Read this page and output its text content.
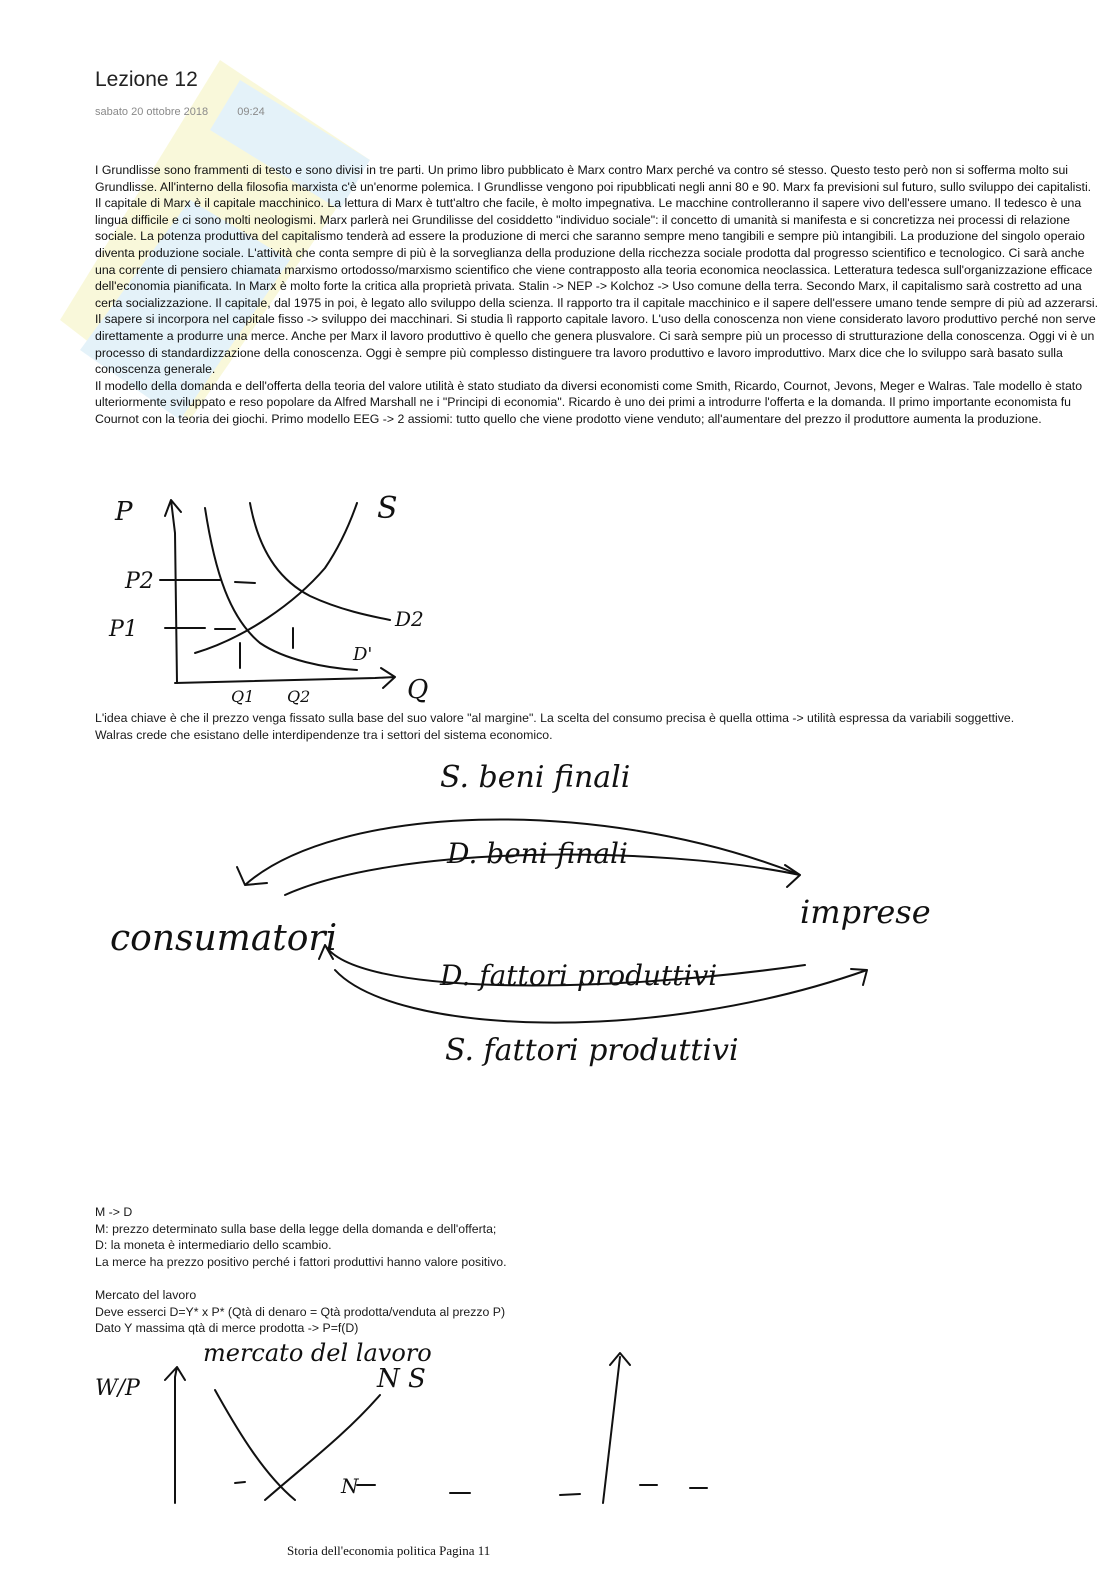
Lezione 12
sabato 20 ottobre 2018	09:24

I Grundlisse sono frammenti di testo e sono divisi in tre parti. Un primo libro pubblicato è Marx contro Marx perché va contro sé stesso. Questo testo però non si sofferma molto sui Grundlisse. All'interno della filosofia marxista c'è un'enorme polemica. I Grundlisse vengono poi ripubblicati negli anni 80 e 90. Marx fa previsioni sul futuro, sullo sviluppo dei capitalisti. Il capitale di Marx è il capitale macchinico. La lettura di Marx è tutt'altro che facile, è molto impegnativa. Le macchine controlleranno il sapere vivo dell'essere umano. Il tedesco è una lingua difficile e ci sono molti neologismi. Marx parlerà nei Grundilisse del cosiddetto "individuo sociale": il concetto di umanità si manifesta e si concretizza nei processi di relazione sociale. La potenza produttiva del capitalismo tenderà ad essere la produzione di merci che saranno sempre meno tangibili e sempre più intangibili. La produzione del singolo operaio diventa produzione sociale. L'attività che conta sempre di più è la sorveglianza della produzione della ricchezza sociale prodotta dal progresso scientifico e tecnologico. Ci sarà anche una corrente di pensiero chiamata marxismo ortodosso/marxismo scientifico che viene contrapposto alla teoria economica neoclassica. Letteratura tedesca sull'organizzazione efficace dell'economia pianificata. In Marx è molto forte la critica alla proprietà privata. Stalin -> NEP -> Kolchoz -> Uso comune della terra. Secondo Marx, il capitalismo sarà costretto ad una certa socializzazione. Il capitale, dal 1975 in poi, è legato allo sviluppo della scienza. Il rapporto tra il capitale macchinico e il sapere dell'essere umano tende sempre di più ad azzerarsi. Il sapere si incorpora nel capitale fisso -> sviluppo dei macchinari. Si studia lì rapporto capitale lavoro. L'uso della conoscenza non viene considerato lavoro produttivo perché non serve direttamente a produrre una merce. Anche per Marx il lavoro produttivo è quello che genera plusvalore. Ci sarà sempre più un processo di strutturazione della conoscenza. Oggi vi è un processo di standardizzazione della conoscenza. Oggi è sempre più complesso distinguere tra lavoro produttivo e lavoro improduttivo. Marx dice che lo sviluppo sarà basato sulla conoscenza generale.

Il modello della domanda e dell'offerta della teoria del valore utilità è stato studiato da diversi economisti come Smith, Ricardo, Cournot, Jevons, Meger e Walras. Tale modello è stato ulteriormente sviluppato e reso popolare da Alfred Marshall ne i "Principi di economia". Ricardo è uno dei primi a introdurre l'offerta e la domanda. Il primo importante economista fu Cournot con la teoria dei giochi. Primo modello EEG -> 2 assiomi: tutto quello che viene prodotto viene venduto; all'aumentare del prezzo il produttore aumenta la produzione.

P	S
P2
P1	D2
D'
Q
Q1 Q2

L'idea chiave è che il prezzo venga fissato sulla base del suo valore "al margine". La scelta del consumo precisa è quella ottima -> utilità espressa da variabili soggettive.

Walras crede che esistano delle interdipendenze tra i settori del sistema economico.

S. beni finali
D. beni finali
consumatori
imprese
D. fattori produttivi
S. fattori produttivi

M -> D

M: prezzo determinato sulla base della legge della domanda e dell'offerta;

D: la moneta è intermediario dello scambio.

La merce ha prezzo positivo perché i fattori produttivi hanno valore positivo.

Mercato del lavoro

Deve esserci D=Y* x P* (Qtà di denaro = Qtà prodotta/venduta al prezzo P)

Dato Y massima qtà di merce prodotta -> P=f(D)

mercato del lavoro
W/P	N S
N
Storia dell'economia politica Pagina 11
